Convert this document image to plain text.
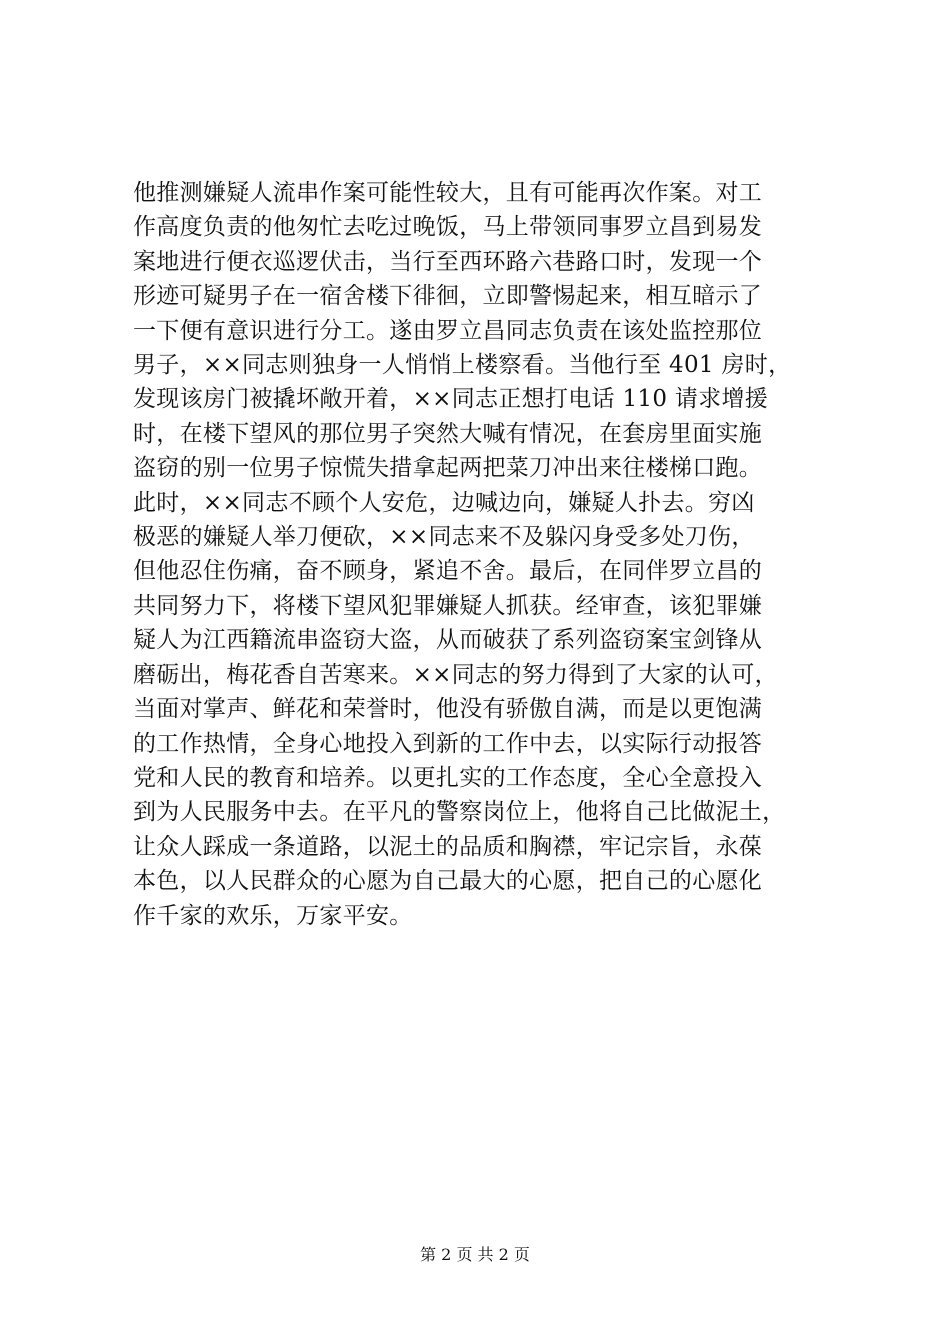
他推测嫌疑人流串作案可能性较大，且有可能再次作案。对工
作高度负责的他匆忙去吃过晚饭，马上带领同事罗立昌到易发
案地进行便衣巡逻伏击，当行至西环路六巷路口时，发现一个
形迹可疑男子在一宿舍楼下徘徊，立即警惕起来，相互暗示了
一下便有意识进行分工。遂由罗立昌同志负责在该处监控那位
男子，××同志则独身一人悄悄上楼察看。当他行至 401 房时，
发现该房门被撬坏敞开着，××同志正想打电话 110 请求增援
时，在楼下望风的那位男子突然大喊有情况，在套房里面实施
盗窃的别一位男子惊慌失措拿起两把菜刀冲出来往楼梯口跑。
此时，××同志不顾个人安危，边喊边向，嫌疑人扑去。穷凶
极恶的嫌疑人举刀便砍，××同志来不及躲闪身受多处刀伤，
但他忍住伤痛，奋不顾身，紧追不舍。最后，在同伴罗立昌的
共同努力下，将楼下望风犯罪嫌疑人抓获。经审查，该犯罪嫌
疑人为江西籍流串盗窃大盗，从而破获了系列盗窃案宝剑锋从
磨砺出，梅花香自苦寒来。××同志的努力得到了大家的认可，
当面对掌声、鲜花和荣誉时，他没有骄傲自满，而是以更饱满
的工作热情，全身心地投入到新的工作中去，以实际行动报答
党和人民的教育和培养。以更扎实的工作态度，全心全意投入
到为人民服务中去。在平凡的警察岗位上，他将自己比做泥土，
让众人踩成一条道路，以泥土的品质和胸襟，牢记宗旨，永葆
本色，以人民群众的心愿为自己最大的心愿，把自己的心愿化
作千家的欢乐，万家平安。
第 2 页 共 2 页
